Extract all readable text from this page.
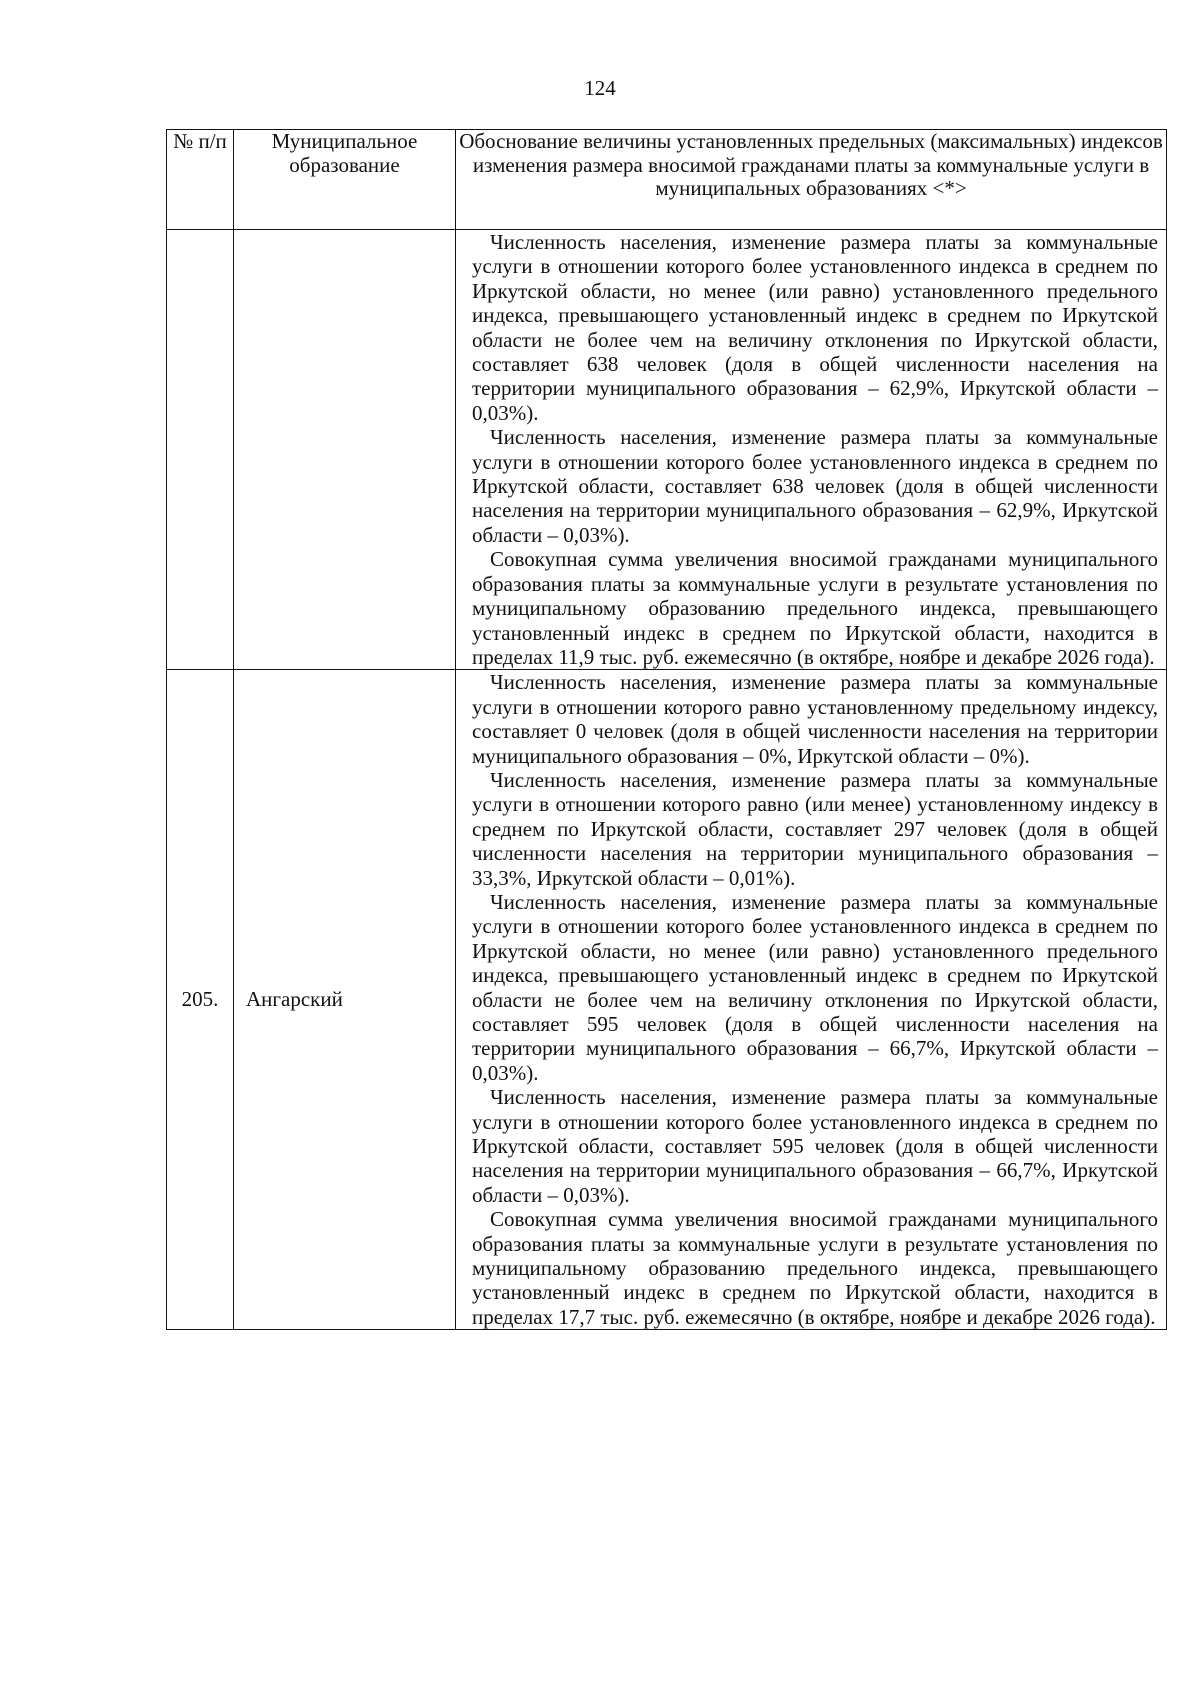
124
№ п/п	Муниципальное образование	Обоснование величины установленных предельных (максимальных) индексов изменения размера вносимой гражданами платы за коммунальные услуги в муниципальных образованиях <*>

		Численность населения, изменение размера платы за коммунальные услуги в отношении которого более установленного индекса в среднем по Иркутской области, но менее (или равно) установленного предельного индекса, превышающего установленный индекс в среднем по Иркутской области не более чем на величину отклонения по Иркутской области, составляет 638 человек (доля в общей численности населения на территории муниципального образования – 62,9%, Иркутской области – 0,03%).

Численность населения, изменение размера платы за коммунальные услуги в отношении которого более установленного индекса в среднем по Иркутской области, составляет 638 человек (доля в общей численности населения на территории муниципального образования – 62,9%, Иркутской области – 0,03%).

Совокупная сумма увеличения вносимой гражданами муниципального образования платы за коммунальные услуги в результате установления по муниципальному образованию предельного индекса, превышающего установленный индекс в среднем по Иркутской области, находится в пределах 11,9 тыс. руб. ежемесячно (в октябре, ноябре и декабре 2026 года).

205.	Ангарский	Численность населения, изменение размера платы за коммунальные услуги в отношении которого равно установленному предельному индексу, составляет 0 человек (доля в общей численности населения на территории муниципального образования – 0%, Иркутской области – 0%).

Численность населения, изменение размера платы за коммунальные услуги в отношении которого равно (или менее) установленному индексу в среднем по Иркутской области, составляет 297 человек (доля в общей численности населения на территории муниципального образования – 33,3%, Иркутской области – 0,01%).

Численность населения, изменение размера платы за коммунальные услуги в отношении которого более установленного индекса в среднем по Иркутской области, но менее (или равно) установленного предельного индекса, превышающего установленный индекс в среднем по Иркутской области не более чем на величину отклонения по Иркутской области, составляет 595 человек (доля в общей численности населения на территории муниципального образования – 66,7%, Иркутской области – 0,03%).

Численность населения, изменение размера платы за коммунальные услуги в отношении которого более установленного индекса в среднем по Иркутской области, составляет 595 человек (доля в общей численности населения на территории муниципального образования – 66,7%, Иркутской области – 0,03%).

Совокупная сумма увеличения вносимой гражданами муниципального образования платы за коммунальные услуги в результате установления по муниципальному образованию предельного индекса, превышающего установленный индекс в среднем по Иркутской области, находится в пределах 17,7 тыс. руб. ежемесячно (в октябре, ноябре и декабре 2026 года).
